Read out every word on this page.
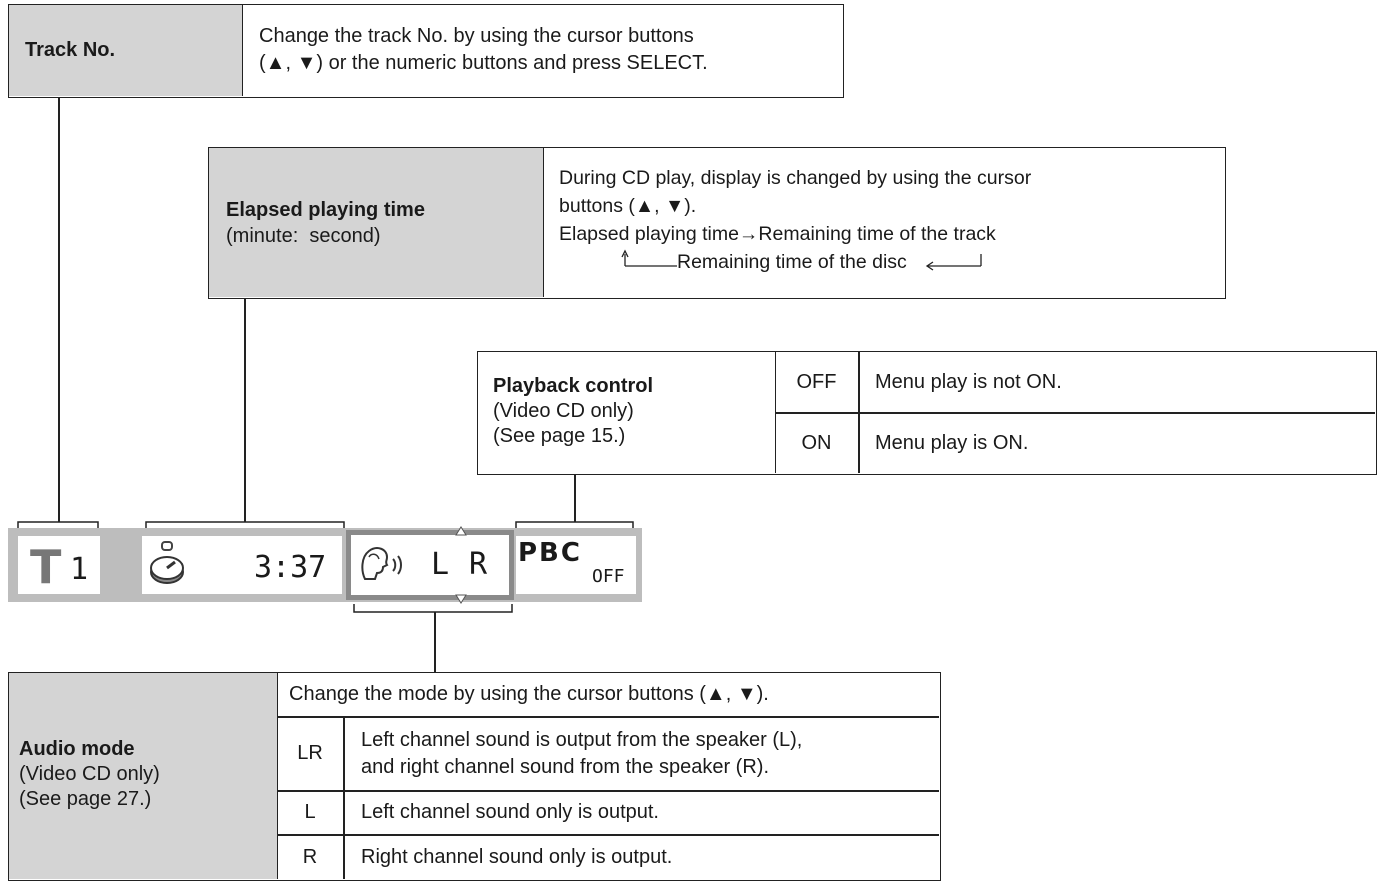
Track No.
Change the track No. by using the cursor buttons
(▲, ▼) or the numeric buttons and press SELECT.
Elapsed playing time
(minute:  second)
During CD play, display is changed by using the cursor
buttons (▲, ▼).
Elapsed playing time→Remaining time of the track
Remaining time of the disc
Playback control
(Video CD only)
(See page 15.)
OFF Menu play is not ON.
ON Menu play is ON.
T 1	3:37	L R PBC
OFF
Audio mode
(Video CD only)
(See page 27.)
Change the mode by using the cursor buttons (▲, ▼).
LR
Left channel sound is output from the speaker (L),
and right channel sound from the speaker (R).
L Left channel sound only is output.
R Right channel sound only is output.
